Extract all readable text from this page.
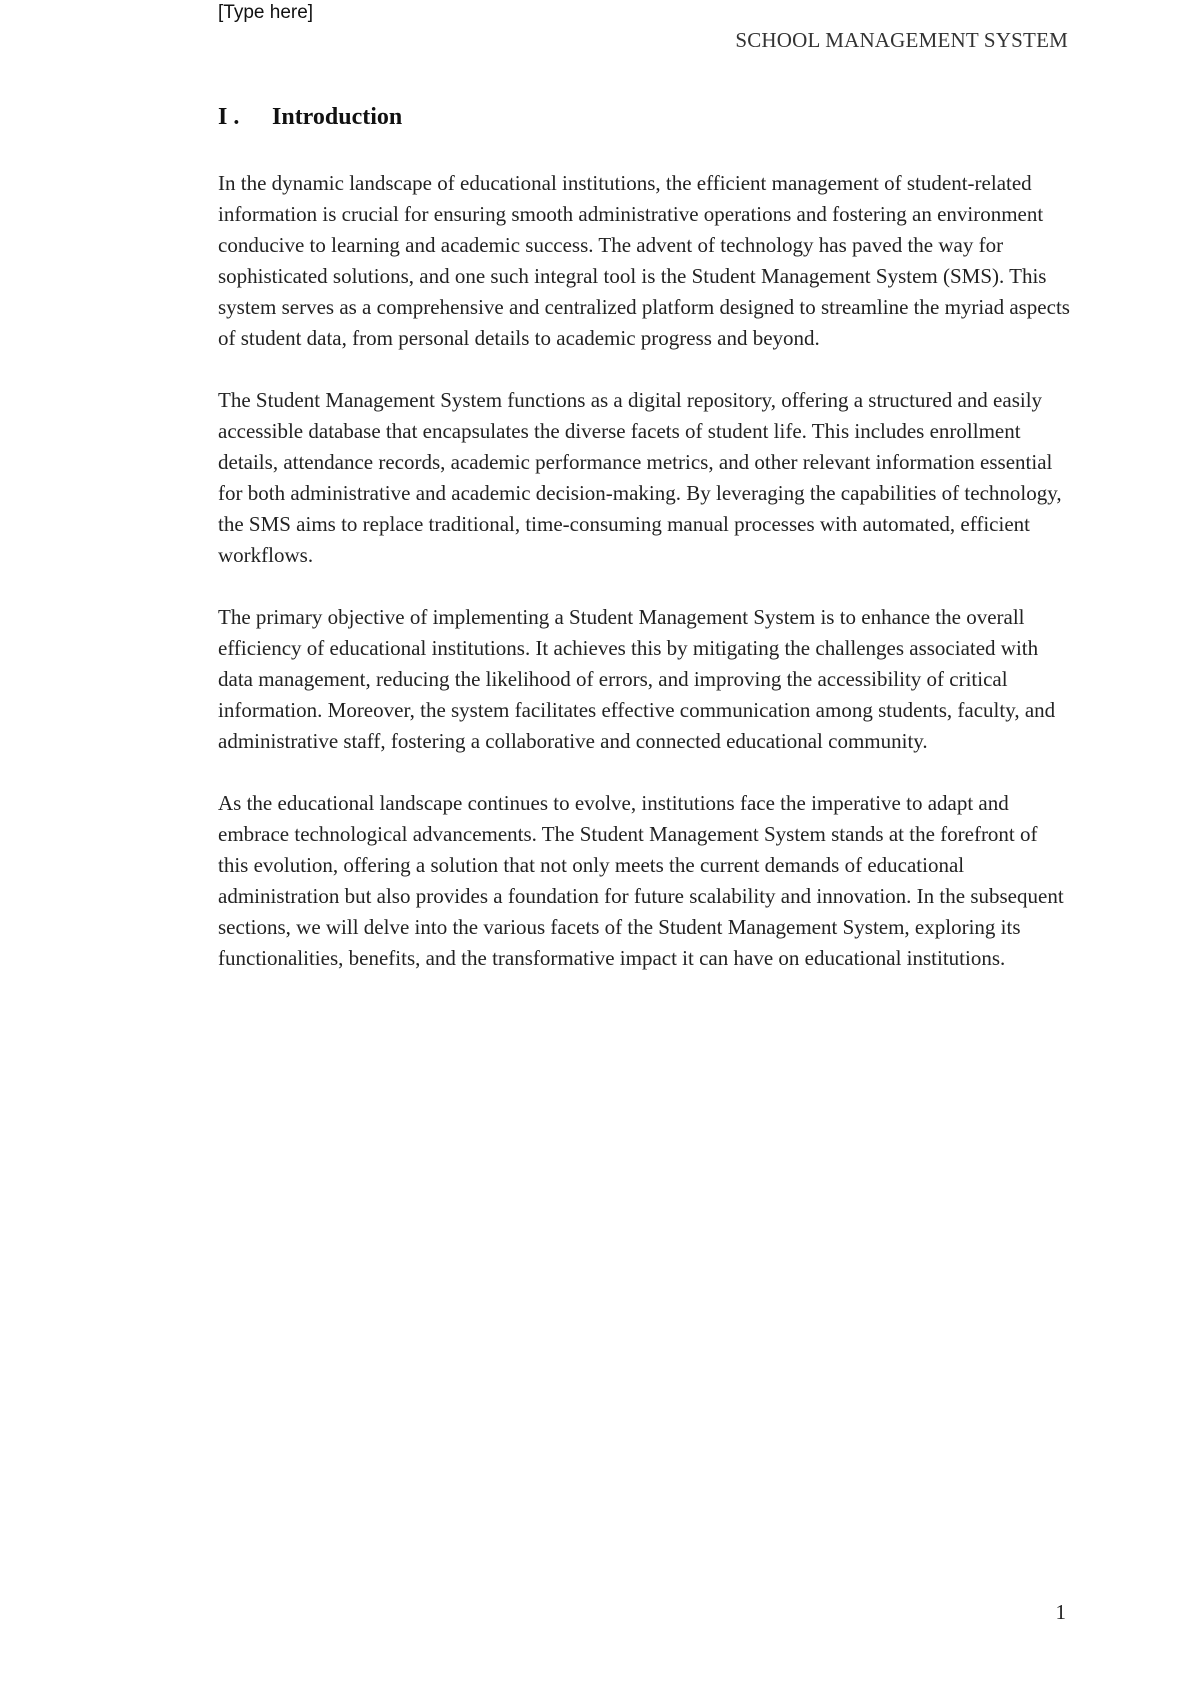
[Type here]
SCHOOL MANAGEMENT SYSTEM
I .	Introduction

In the dynamic landscape of educational institutions, the efficient management of student-related information is crucial for ensuring smooth administrative operations and fostering an environment conducive to learning and academic success. The advent of technology has paved the way for sophisticated solutions, and one such integral tool is the Student Management System (SMS). This system serves as a comprehensive and centralized platform designed to streamline the myriad aspects of student data, from personal details to academic progress and beyond.

The Student Management System functions as a digital repository, offering a structured and easily accessible database that encapsulates the diverse facets of student life. This includes enrollment details, attendance records, academic performance metrics, and other relevant information essential for both administrative and academic decision-making. By leveraging the capabilities of technology, the SMS aims to replace traditional, time-consuming manual processes with automated, efficient workflows.

The primary objective of implementing a Student Management System is to enhance the overall efficiency of educational institutions. It achieves this by mitigating the challenges associated with data management, reducing the likelihood of errors, and improving the accessibility of critical information. Moreover, the system facilitates effective communication among students, faculty, and administrative staff, fostering a collaborative and connected educational community.

As the educational landscape continues to evolve, institutions face the imperative to adapt and embrace technological advancements. The Student Management System stands at the forefront of this evolution, offering a solution that not only meets the current demands of educational administration but also provides a foundation for future scalability and innovation. In the subsequent sections, we will delve into the various facets of the Student Management System, exploring its functionalities, benefits, and the transformative impact it can have on educational institutions.

1
